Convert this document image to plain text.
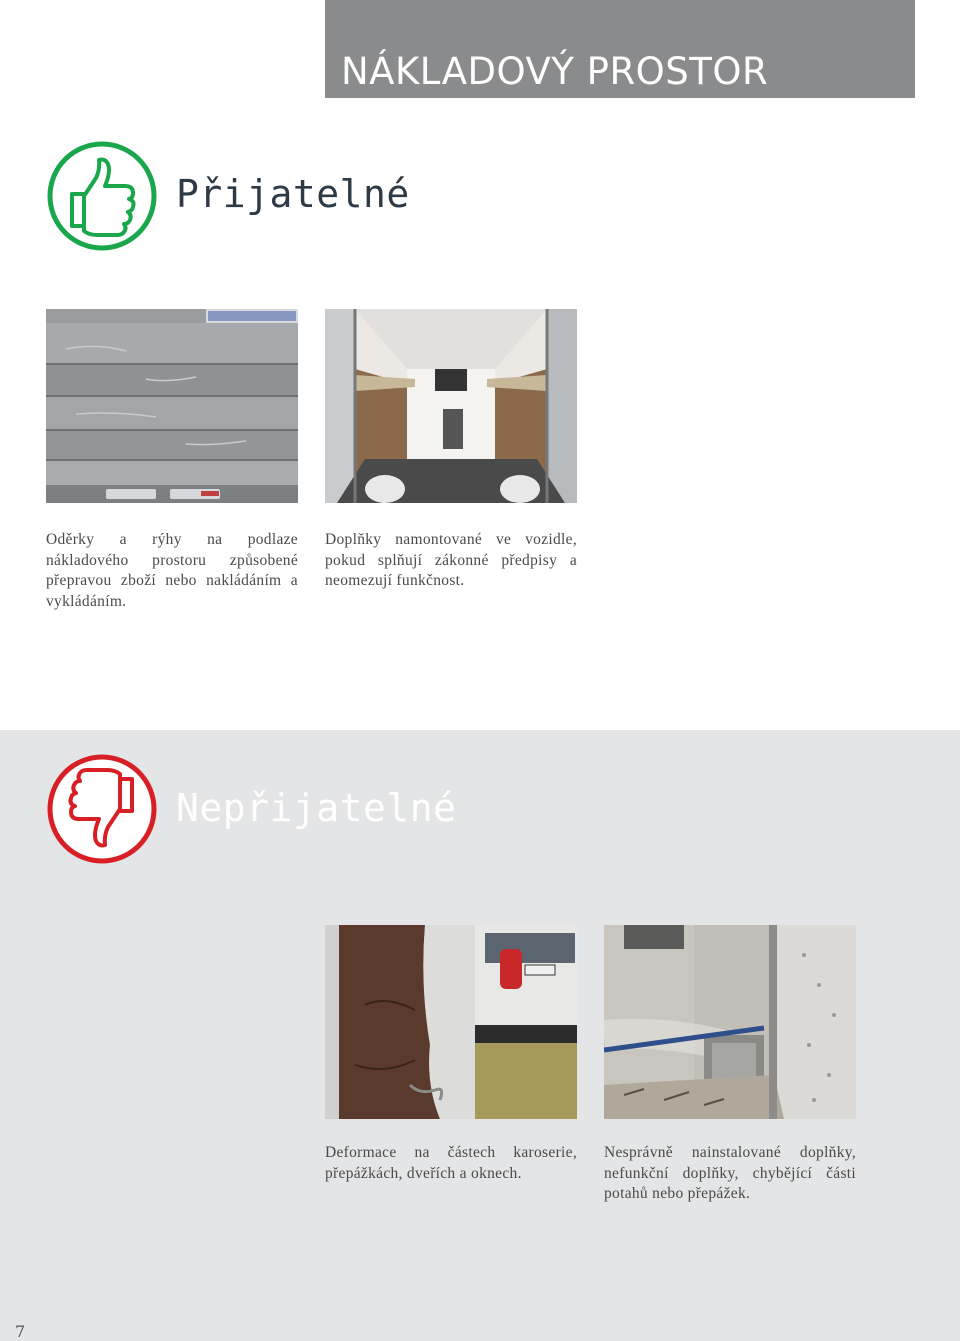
NÁKLADOVÝ PROSTOR
Přijatelné
Oděrky a rýhy na podlaze nákladového prostoru způsobené přepravou zboží nebo nakládáním a vykládáním.
Doplňky namontované ve vozidle, pokud splňují zákonné předpisy a neomezují funkčnost.
Nepřijatelné
Deformace na částech karoserie, přepážkách, dveřích a oknech.
Nesprávně nainstalované doplňky, nefunkční doplňky, chybějící části potahů nebo přepážek.
7
